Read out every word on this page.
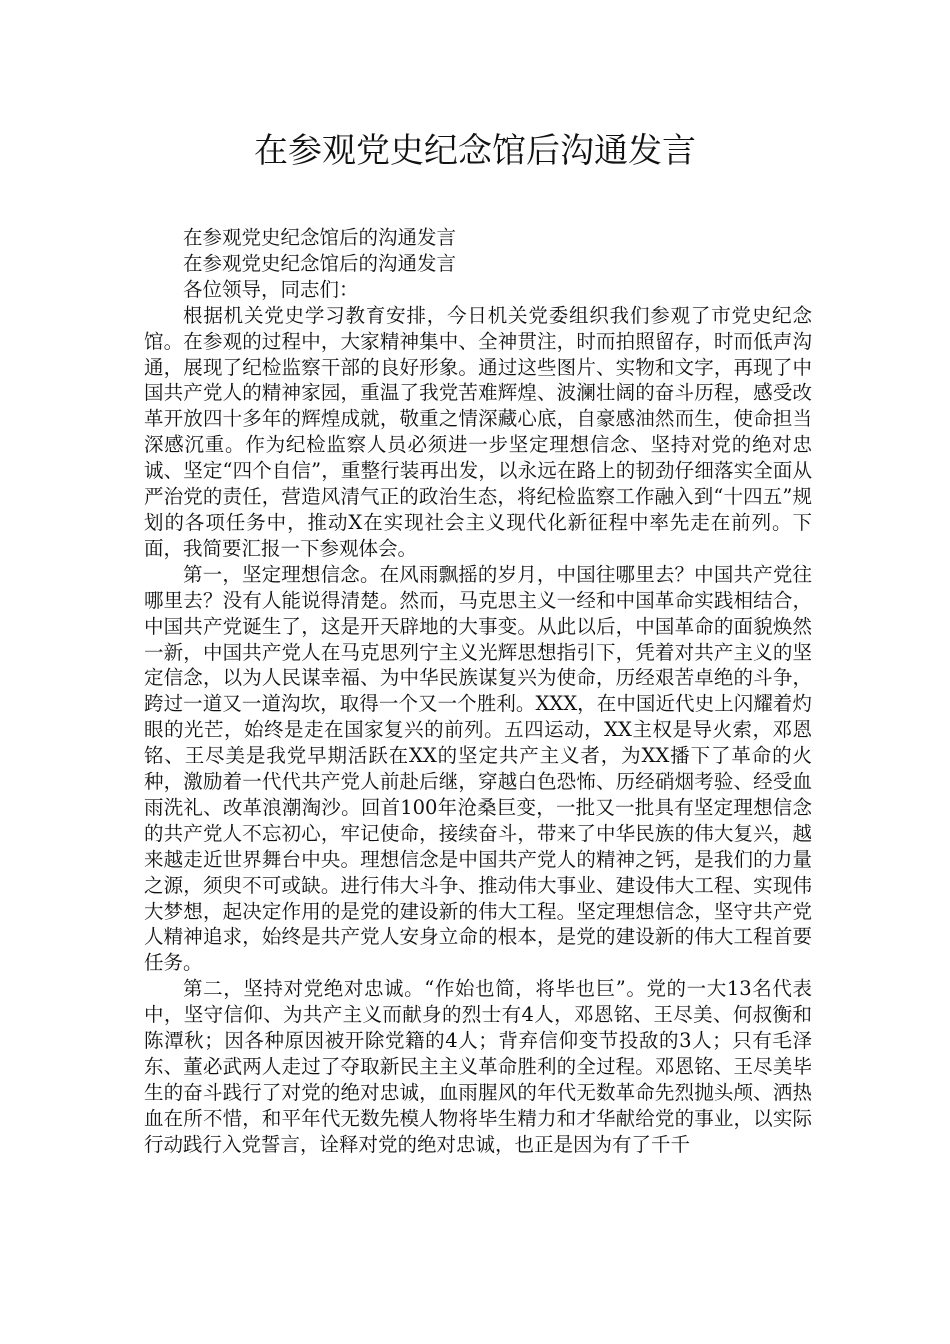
在参观党史纪念馆后沟通发言

在参观党史纪念馆后的沟通发言

在参观党史纪念馆后的沟通发言

各位领导，同志们：

根据机关党史学习教育安排，今日机关党委组织我们参观了市党史纪念馆。在参观的过程中，大家精神集中、全神贯注，时而拍照留存，时而低声沟通，展现了纪检监察干部的良好形象。通过这些图片、实物和文字，再现了中国共产党人的精神家园，重温了我党苦难辉煌、波澜壮阔的奋斗历程，感受改革开放四十多年的辉煌成就，敬重之情深藏心底，自豪感油然而生，使命担当深感沉重。作为纪检监察人员必须进一步坚定理想信念、坚持对党的绝对忠诚、坚定“四个自信”，重整行装再出发，以永远在路上的韧劲仔细落实全面从严治党的责任，营造风清气正的政治生态，将纪检监察工作融入到“十四五”规划的各项任务中，推动X在实现社会主义现代化新征程中率先走在前列。下面，我简要汇报一下参观体会。

第一，坚定理想信念。在风雨飘摇的岁月，中国往哪里去？中国共产党往哪里去？没有人能说得清楚。然而，马克思主义一经和中国革命实践相结合，中国共产党诞生了，这是开天辟地的大事变。从此以后，中国革命的面貌焕然一新，中国共产党人在马克思列宁主义光辉思想指引下，凭着对共产主义的坚定信念，以为人民谋幸福、为中华民族谋复兴为使命，历经艰苦卓绝的斗争，跨过一道又一道沟坎，取得一个又一个胜利。XXX，在中国近代史上闪耀着灼眼的光芒，始终是走在国家复兴的前列。五四运动，XX主权是导火索，邓恩铭、王尽美是我党早期活跃在XX的坚定共产主义者，为XX播下了革命的火种，激励着一代代共产党人前赴后继，穿越白色恐怖、历经硝烟考验、经受血雨洗礼、改革浪潮淘沙。回首100年沧桑巨变，一批又一批具有坚定理想信念的共产党人不忘初心，牢记使命，接续奋斗，带来了中华民族的伟大复兴，越来越走近世界舞台中央。理想信念是中国共产党人的精神之钙，是我们的力量之源，须臾不可或缺。进行伟大斗争、推动伟大事业、建设伟大工程、实现伟大梦想，起决定作用的是党的建设新的伟大工程。坚定理想信念，坚守共产党人精神追求，始终是共产党人安身立命的根本，是党的建设新的伟大工程首要任务。

第二，坚持对党绝对忠诚。“作始也简，将毕也巨”。党的一大13名代表中，坚守信仰、为共产主义而献身的烈士有4人，邓恩铭、王尽美、何叔衡和陈潭秋；因各种原因被开除党籍的4人；背弃信仰变节投敌的3人；只有毛泽东、董必武两人走过了夺取新民主主义革命胜利的全过程。邓恩铭、王尽美毕生的奋斗践行了对党的绝对忠诚，血雨腥风的年代无数革命先烈抛头颅、洒热血在所不惜，和平年代无数先模人物将毕生精力和才华献给党的事业，以实际行动践行入党誓言，诠释对党的绝对忠诚，也正是因为有了千千
